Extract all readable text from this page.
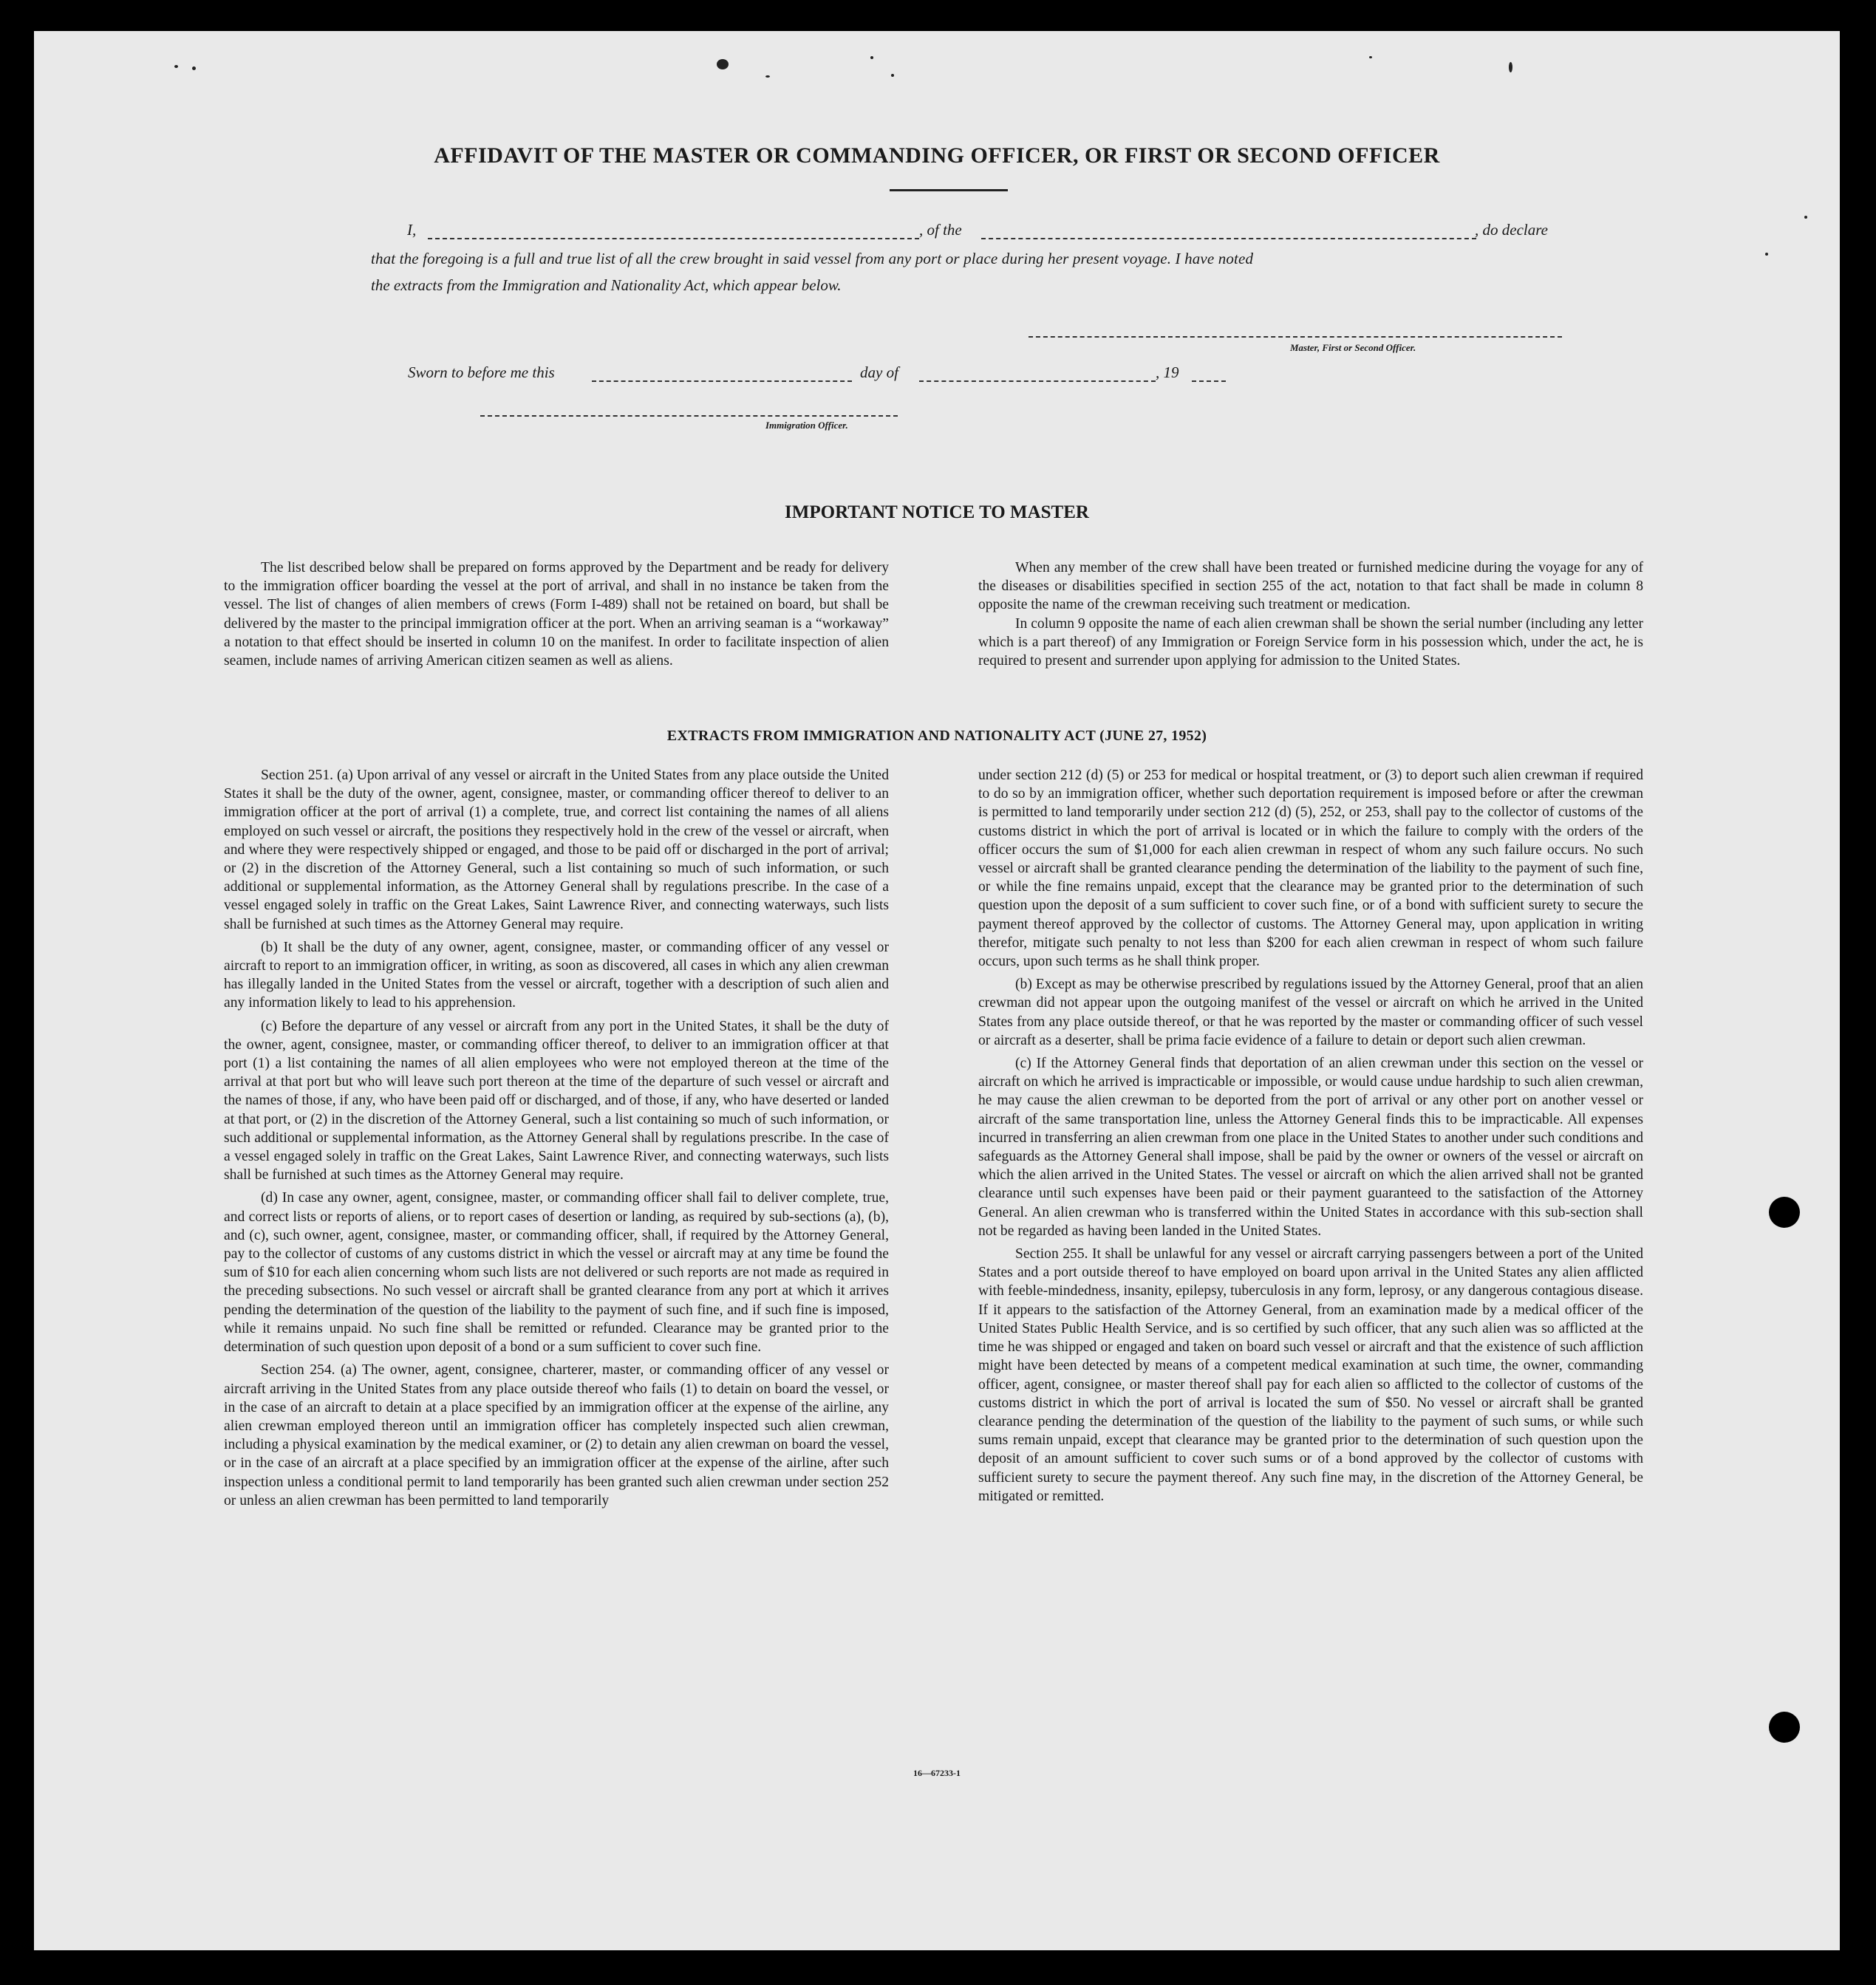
AFFIDAVIT OF THE MASTER OR COMMANDING OFFICER, OR FIRST OR SECOND OFFICER
I,	, of the	, do declare
that the foregoing is a full and true list of all the crew brought in said vessel from any port or place during her present voyage. I have noted
the extracts from the Immigration and Nationality Act, which appear below.
Master, First or Second Officer.
Sworn to before me this	day of	, 19
Immigration Officer.
IMPORTANT NOTICE TO MASTER

The list described below shall be prepared on forms approved by the Department and be ready for delivery to the immigration officer boarding the vessel at the port of arrival, and shall in no instance be taken from the vessel. The list of changes of alien members of crews (Form I-489) shall not be retained on board, but shall be delivered by the master to the principal immigration officer at the port. When an arriving seaman is a “workaway” a notation to that effect should be inserted in column 10 on the manifest. In order to facilitate inspection of alien seamen, include names of arriving American citizen seamen as well as aliens.

When any member of the crew shall have been treated or furnished medicine during the voyage for any of the diseases or disabilities specified in section 255 of the act, notation to that fact shall be made in column 8 opposite the name of the crewman receiving such treatment or medication.

In column 9 opposite the name of each alien crewman shall be shown the serial number (including any letter which is a part thereof) of any Immigration or Foreign Service form in his possession which, under the act, he is required to present and surrender upon applying for admission to the United States.

EXTRACTS FROM IMMIGRATION AND NATIONALITY ACT (JUNE 27, 1952)

Section 251. (a) Upon arrival of any vessel or aircraft in the United States from any place outside the United States it shall be the duty of the owner, agent, consignee, master, or commanding officer thereof to deliver to an immigration officer at the port of arrival (1) a complete, true, and correct list containing the names of all aliens employed on such vessel or aircraft, the positions they respectively hold in the crew of the vessel or aircraft, when and where they were respectively shipped or engaged, and those to be paid off or discharged in the port of arrival; or (2) in the discretion of the Attorney General, such a list containing so much of such information, or such additional or supplemental information, as the Attorney General shall by regulations prescribe. In the case of a vessel engaged solely in traffic on the Great Lakes, Saint Lawrence River, and connecting waterways, such lists shall be furnished at such times as the Attorney General may require.

(b) It shall be the duty of any owner, agent, consignee, master, or commanding officer of any vessel or aircraft to report to an immigration officer, in writing, as soon as discovered, all cases in which any alien crewman has illegally landed in the United States from the vessel or aircraft, together with a description of such alien and any information likely to lead to his apprehension.

(c) Before the departure of any vessel or aircraft from any port in the United States, it shall be the duty of the owner, agent, consignee, master, or commanding officer thereof, to deliver to an immigration officer at that port (1) a list containing the names of all alien employees who were not employed thereon at the time of the arrival at that port but who will leave such port thereon at the time of the departure of such vessel or aircraft and the names of those, if any, who have been paid off or discharged, and of those, if any, who have deserted or landed at that port, or (2) in the discretion of the Attorney General, such a list containing so much of such information, or such additional or supplemental information, as the Attorney General shall by regulations prescribe. In the case of a vessel engaged solely in traffic on the Great Lakes, Saint Lawrence River, and connecting waterways, such lists shall be furnished at such times as the Attorney General may require.

(d) In case any owner, agent, consignee, master, or commanding officer shall fail to deliver complete, true, and correct lists or reports of aliens, or to report cases of desertion or landing, as required by sub-sections (a), (b), and (c), such owner, agent, consignee, master, or commanding officer, shall, if required by the Attorney General, pay to the collector of customs of any customs district in which the vessel or aircraft may at any time be found the sum of $10 for each alien concerning whom such lists are not delivered or such reports are not made as required in the preceding subsections. No such vessel or aircraft shall be granted clearance from any port at which it arrives pending the determination of the question of the liability to the payment of such fine, and if such fine is imposed, while it remains unpaid. No such fine shall be remitted or refunded. Clearance may be granted prior to the determination of such question upon deposit of a bond or a sum sufficient to cover such fine.

Section 254. (a) The owner, agent, consignee, charterer, master, or commanding officer of any vessel or aircraft arriving in the United States from any place outside thereof who fails (1) to detain on board the vessel, or in the case of an aircraft to detain at a place specified by an immigration officer at the expense of the airline, any alien crewman employed thereon until an immigration officer has completely inspected such alien crewman, including a physical examination by the medical examiner, or (2) to detain any alien crewman on board the vessel, or in the case of an aircraft at a place specified by an immigration officer at the expense of the airline, after such inspection unless a conditional permit to land temporarily has been granted such alien crewman under section 252 or unless an alien crewman has been permitted to land temporarily

under section 212 (d) (5) or 253 for medical or hospital treatment, or (3) to deport such alien crewman if required to do so by an immigration officer, whether such deportation requirement is imposed before or after the crewman is permitted to land temporarily under section 212 (d) (5), 252, or 253, shall pay to the collector of customs of the customs district in which the port of arrival is located or in which the failure to comply with the orders of the officer occurs the sum of $1,000 for each alien crewman in respect of whom any such failure occurs. No such vessel or aircraft shall be granted clearance pending the determination of the liability to the payment of such fine, or while the fine remains unpaid, except that the clearance may be granted prior to the determination of such question upon the deposit of a sum sufficient to cover such fine, or of a bond with sufficient surety to secure the payment thereof approved by the collector of customs. The Attorney General may, upon application in writing therefor, mitigate such penalty to not less than $200 for each alien crewman in respect of whom such failure occurs, upon such terms as he shall think proper.

(b) Except as may be otherwise prescribed by regulations issued by the Attorney General, proof that an alien crewman did not appear upon the outgoing manifest of the vessel or aircraft on which he arrived in the United States from any place outside thereof, or that he was reported by the master or commanding officer of such vessel or aircraft as a deserter, shall be prima facie evidence of a failure to detain or deport such alien crewman.

(c) If the Attorney General finds that deportation of an alien crewman under this section on the vessel or aircraft on which he arrived is impracticable or impossible, or would cause undue hardship to such alien crewman, he may cause the alien crewman to be deported from the port of arrival or any other port on another vessel or aircraft of the same transportation line, unless the Attorney General finds this to be impracticable. All expenses incurred in transferring an alien crewman from one place in the United States to another under such conditions and safeguards as the Attorney General shall impose, shall be paid by the owner or owners of the vessel or aircraft on which the alien arrived in the United States. The vessel or aircraft on which the alien arrived shall not be granted clearance until such expenses have been paid or their payment guaranteed to the satisfaction of the Attorney General. An alien crewman who is transferred within the United States in accordance with this sub-section shall not be regarded as having been landed in the United States.

Section 255. It shall be unlawful for any vessel or aircraft carrying passengers between a port of the United States and a port outside thereof to have employed on board upon arrival in the United States any alien afflicted with feeble-mindedness, insanity, epilepsy, tuberculosis in any form, leprosy, or any dangerous contagious disease. If it appears to the satisfaction of the Attorney General, from an examination made by a medical officer of the United States Public Health Service, and is so certified by such officer, that any such alien was so afflicted at the time he was shipped or engaged and taken on board such vessel or aircraft and that the existence of such affliction might have been detected by means of a competent medical examination at such time, the owner, commanding officer, agent, consignee, or master thereof shall pay for each alien so afflicted to the collector of customs of the customs district in which the port of arrival is located the sum of $50. No vessel or aircraft shall be granted clearance pending the determination of the question of the liability to the payment of such sums, or while such sums remain unpaid, except that clearance may be granted prior to the determination of such question upon the deposit of an amount sufficient to cover such sums or of a bond approved by the collector of customs with sufficient surety to secure the payment thereof. Any such fine may, in the discretion of the Attorney General, be mitigated or remitted.

16—67233-1
